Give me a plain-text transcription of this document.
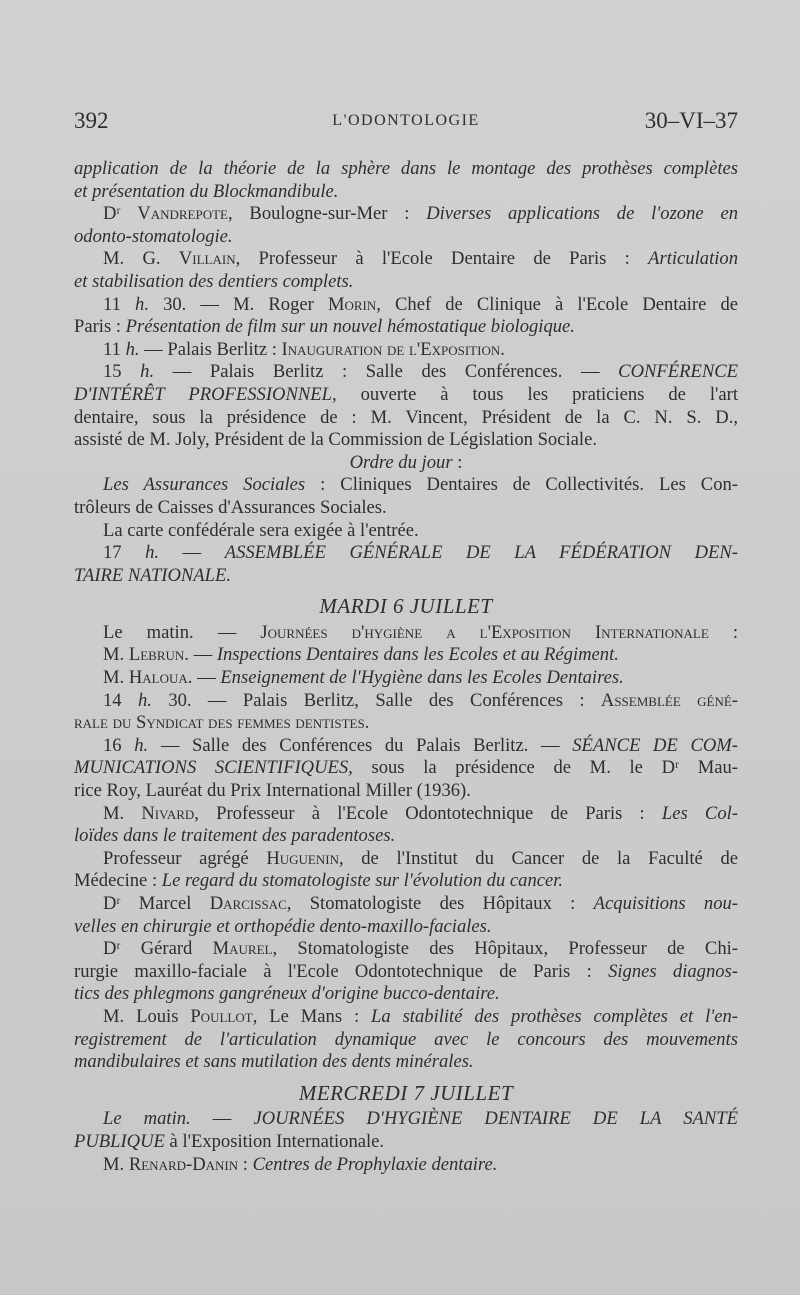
392	L'ODONTOLOGIE	30–VI–37
application de la théorie de la sphère dans le montage des prothèses complètes
et présentation du Blockmandibule.
Dʳ Vandrepote, Boulogne-sur-Mer : Diverses applications de l'ozone en
odonto-stomatologie.
M. G. Villain, Professeur à l'Ecole Dentaire de Paris : Articulation
et stabilisation des dentiers complets.
11 h. 30. — M. Roger Morin, Chef de Clinique à l'Ecole Dentaire de
Paris : Présentation de film sur un nouvel hémostatique biologique.
11 h. — Palais Berlitz : Inauguration de l'Exposition.
15 h. — Palais Berlitz : Salle des Conférences. — CONFÉRENCE
D'INTÉRÊT PROFESSIONNEL, ouverte à tous les praticiens de l'art
dentaire, sous la présidence de : M. Vincent, Président de la C. N. S. D.,
assisté de M. Joly, Président de la Commission de Législation Sociale.
Ordre du jour :
Les Assurances Sociales : Cliniques Dentaires de Collectivités. Les Con-
trôleurs de Caisses d'Assurances Sociales.
La carte confédérale sera exigée à l'entrée.
17 h. — ASSEMBLÉE GÉNÉRALE DE LA FÉDÉRATION DEN-
TAIRE NATIONALE.
MARDI 6 JUILLET
Le matin. — Journées d'hygiène a l'Exposition Internationale :
M. Lebrun. — Inspections Dentaires dans les Ecoles et au Régiment.
M. Haloua. — Enseignement de l'Hygiène dans les Ecoles Dentaires.
14 h. 30. — Palais Berlitz, Salle des Conférences : Assemblée géné-
rale du Syndicat des femmes dentistes.
16 h. — Salle des Conférences du Palais Berlitz. — SÉANCE DE COM-
MUNICATIONS SCIENTIFIQUES, sous la présidence de M. le Dʳ Mau-
rice Roy, Lauréat du Prix International Miller (1936).
M. Nivard, Professeur à l'Ecole Odontotechnique de Paris : Les Col-
loïdes dans le traitement des paradentoses.
Professeur agrégé Huguenin, de l'Institut du Cancer de la Faculté de
Médecine : Le regard du stomatologiste sur l'évolution du cancer.
Dʳ Marcel Darcissac, Stomatologiste des Hôpitaux : Acquisitions nou-
velles en chirurgie et orthopédie dento-maxillo-faciales.
Dʳ Gérard Maurel, Stomatologiste des Hôpitaux, Professeur de Chi-
rurgie maxillo-faciale à l'Ecole Odontotechnique de Paris : Signes diagnos-
tics des phlegmons gangréneux d'origine bucco-dentaire.
M. Louis Poullot, Le Mans : La stabilité des prothèses complètes et l'en-
registrement de l'articulation dynamique avec le concours des mouvements
mandibulaires et sans mutilation des dents minérales.
MERCREDI 7 JUILLET
Le matin. — JOURNÉES D'HYGIÈNE DENTAIRE DE LA SANTÉ
PUBLIQUE à l'Exposition Internationale.
M. Renard-Danin : Centres de Prophylaxie dentaire.
